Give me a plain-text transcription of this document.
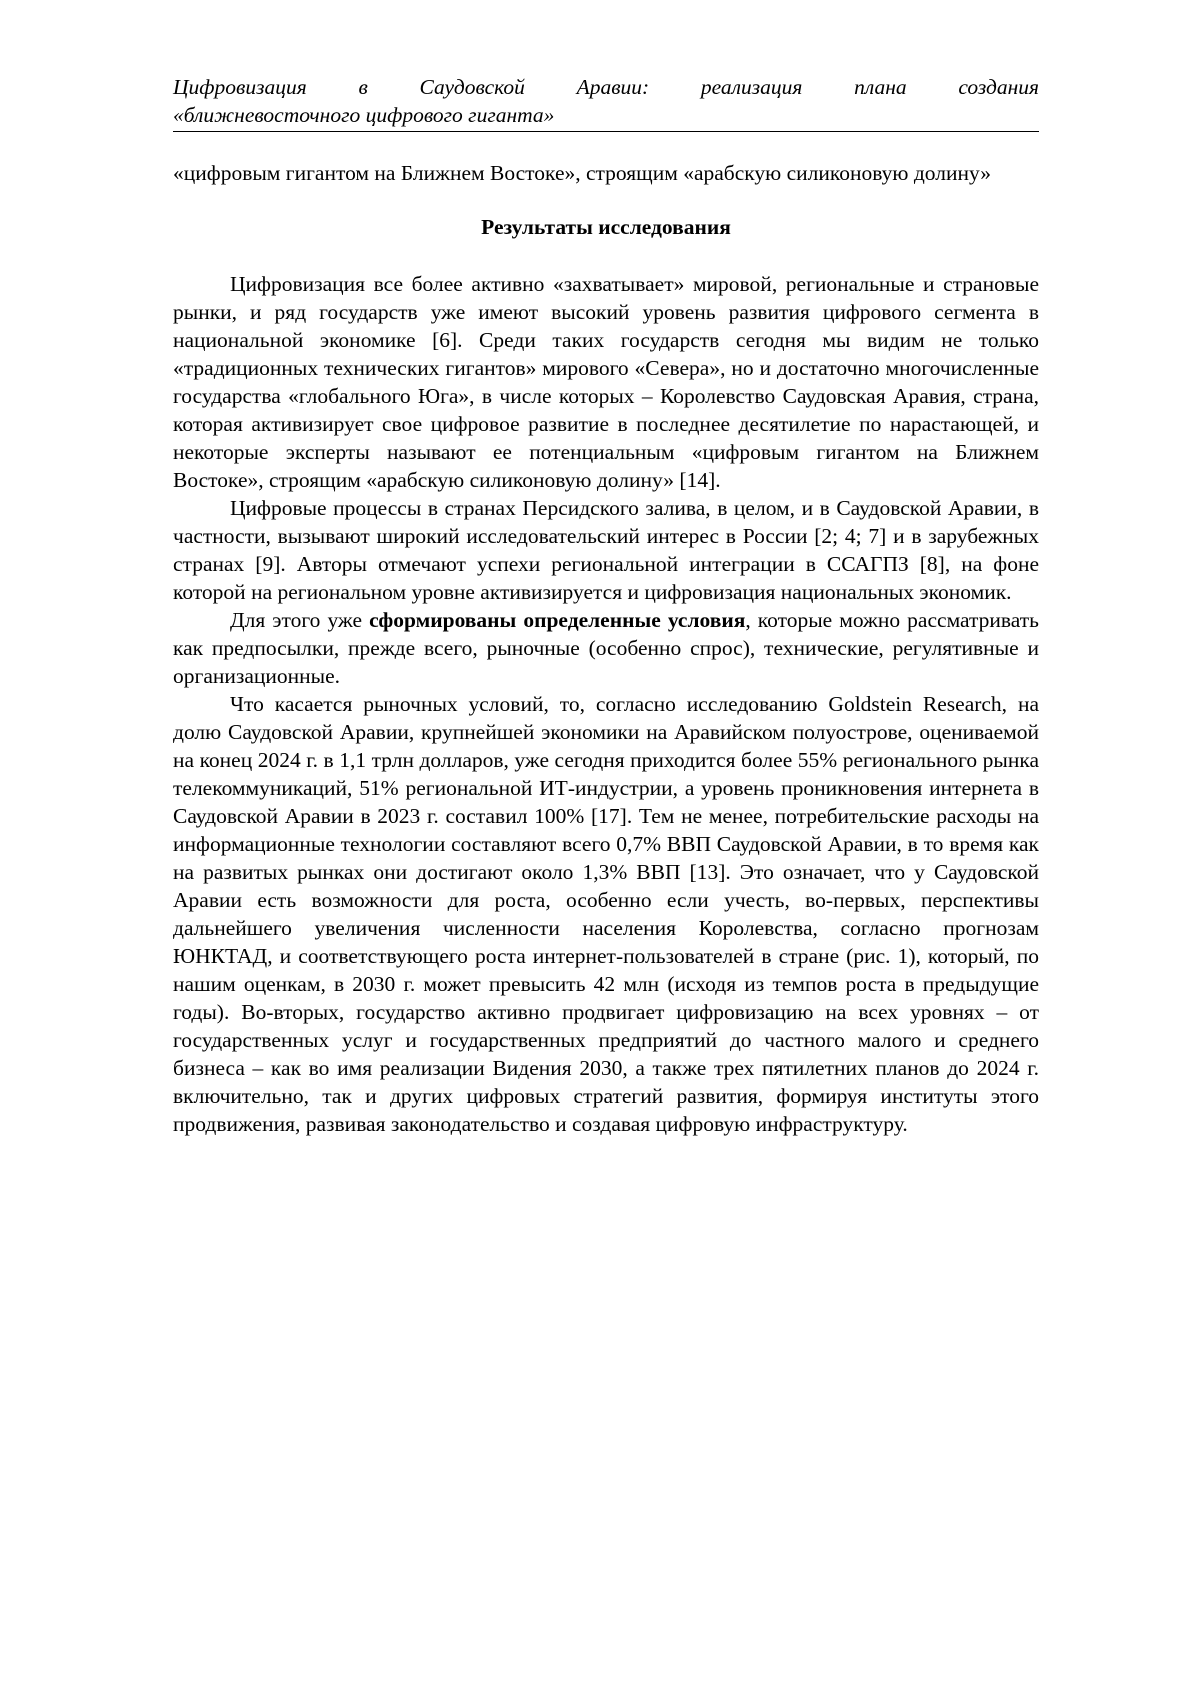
Цифровизация в Саудовской Аравии: реализация плана создания
«ближневосточного цифрового гиганта»

«цифровым гигантом на Ближнем Востоке», строящим «арабскую силиконовую долину»

Результаты исследования

Цифровизация все более активно «захватывает» мировой, региональные и страновые рынки, и ряд государств уже имеют высокий уровень развития цифрового сегмента в национальной экономике [6]. Среди таких государств сегодня мы видим не только «традиционных технических гигантов» мирового «Севера», но и достаточно многочисленные государства «глобального Юга», в числе которых – Королевство Саудовская Аравия, страна, которая активизирует свое цифровое развитие в последнее десятилетие по нарастающей, и некоторые эксперты называют ее потенциальным «цифровым гигантом на Ближнем Востоке», строящим «арабскую силиконовую долину» [14].

Цифровые процессы в странах Персидского залива, в целом, и в Саудовской Аравии, в частности, вызывают широкий исследовательский интерес в России [2; 4; 7] и в зарубежных странах [9]. Авторы отмечают успехи региональной интеграции в ССАГПЗ [8], на фоне которой на региональном уровне активизируется и цифровизация национальных экономик.

Для этого уже сформированы определенные условия, которые можно рассматривать как предпосылки, прежде всего, рыночные (особенно спрос), технические, регулятивные и организационные.

Что касается рыночных условий, то, согласно исследованию Goldstein Research, на долю Саудовской Аравии, крупнейшей экономики на Аравийском полуострове, оцениваемой на конец 2024 г. в 1,1 трлн долларов, уже сегодня приходится более 55% регионального рынка телекоммуникаций, 51% региональной ИТ-индустрии, а уровень проникновения интернета в Саудовской Аравии в 2023 г. составил 100% [17]. Тем не менее, потребительские расходы на информационные технологии составляют всего 0,7% ВВП Саудовской Аравии, в то время как на развитых рынках они достигают около 1,3% ВВП [13]. Это означает, что у Саудовской Аравии есть возможности для роста, особенно если учесть, во-первых, перспективы дальнейшего увеличения численности населения Королевства, согласно прогнозам ЮНКТАД, и соответствующего роста интернет-пользователей в стране (рис. 1), который, по нашим оценкам, в 2030 г. может превысить 42 млн (исходя из темпов роста в предыдущие годы). Во-вторых, государство активно продвигает цифровизацию на всех уровнях – от государственных услуг и государственных предприятий до частного малого и среднего бизнеса – как во имя реализации Видения 2030, а также трех пятилетних планов до 2024 г. включительно, так и других цифровых стратегий развития, формируя институты этого продвижения, развивая законодательство и создавая цифровую инфраструктуру.
